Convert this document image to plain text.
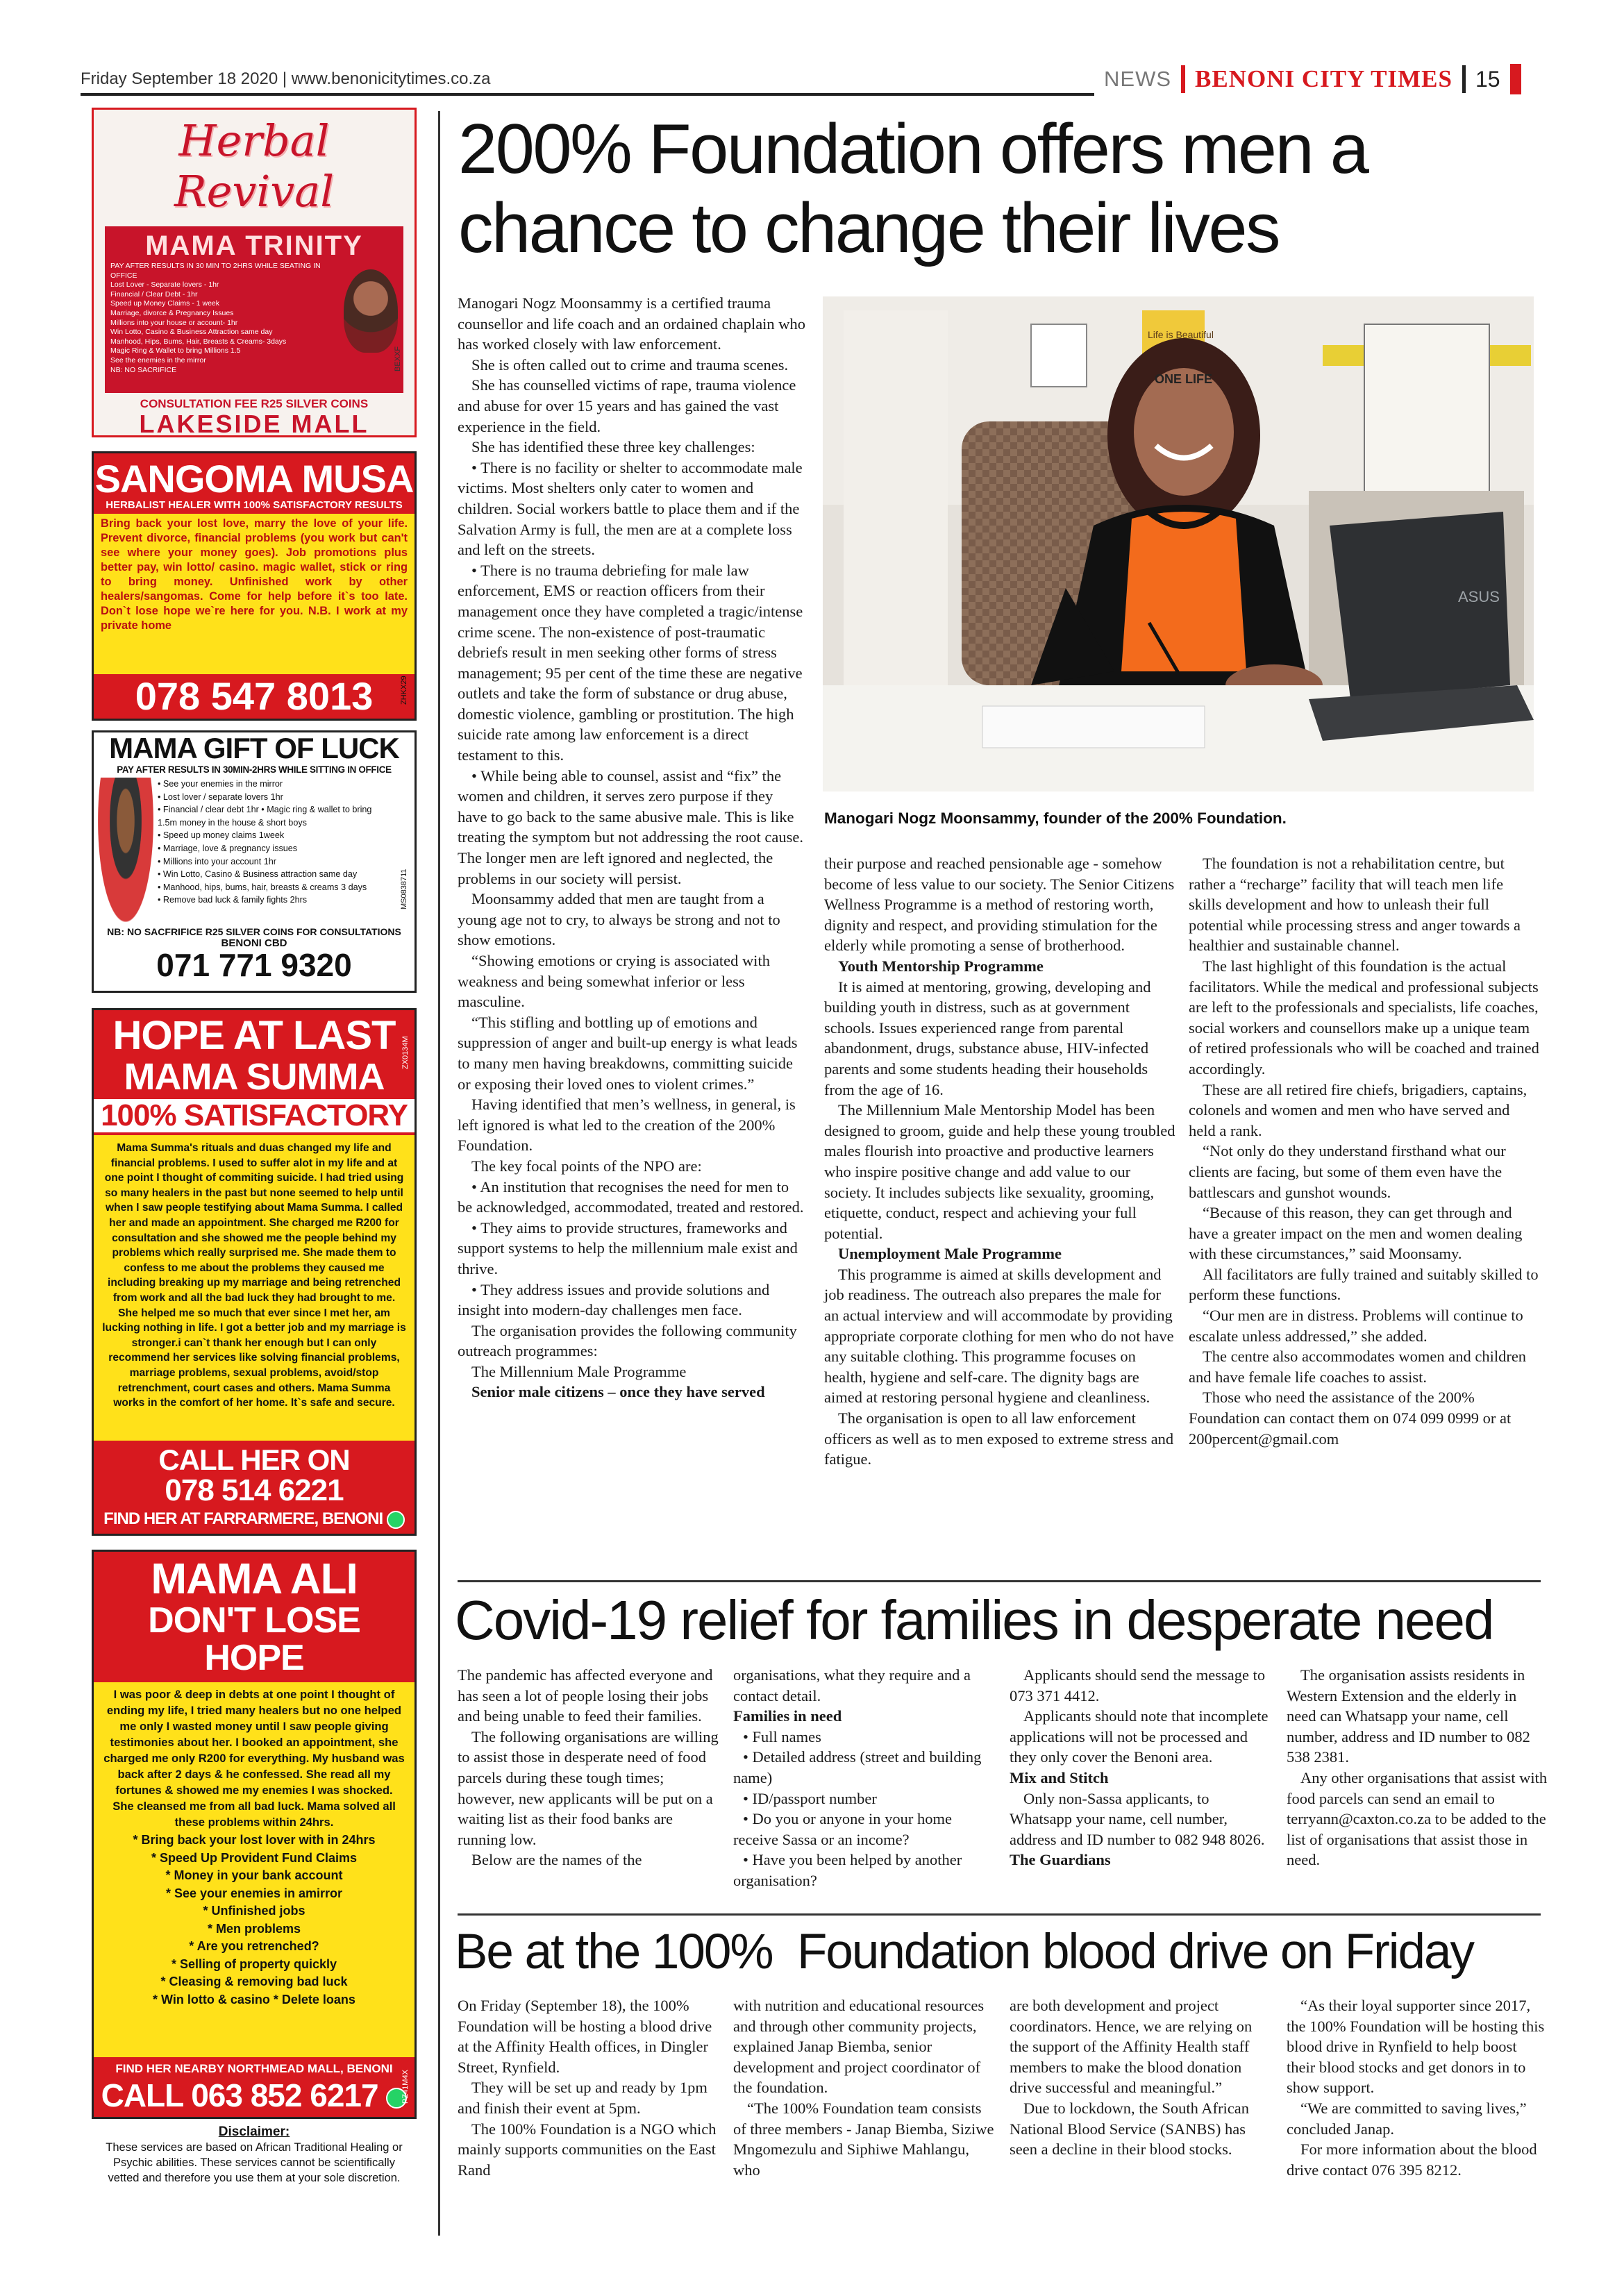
Friday September 18 2020 | www.benonicitytimes.co.za	NEWS BENONI CITY TIMES 15
Herbal Revival
MAMA TRINITY
PAY AFTER RESULTS IN 30 MIN TO 2HRS WHILE SEATING IN OFFICE
Lost Lover - Separate lovers - 1hr
Financial / Clear Debt - 1hr
Speed up Money Claims - 1 week
Marriage, divorce & Pregnancy Issues
Millions into your house or account- 1hr
Win Lotto, Casino & Business Attraction same day
Manhood, Hips, Bums, Hair, Breasts & Creams- 3days
Magic Ring & Wallet to bring Millions 1.5
See the enemies in the mirror
NB: NO SACRIFICE
CONSULTATION FEE R25 SILVER COINS
LAKESIDE MALL
SANGOMA MUSA
HERBALIST HEALER WITH 100% SATISFACTORY RESULTS
Bring back your lost love, marry the love of your life. Prevent divorce, financial problems (you work but can't see where your money goes). Job promotions plus better pay, win lotto/ casino. magic wallet, stick or ring to bring money. Unfinished work by other healers/sangomas. Come for help before it`s too late. Don`t lose hope we`re here for you. N.B. I work at my private home
078 547 8013
MAMA GIFT OF LUCK
PAY AFTER RESULTS IN 30MIN-2HRS WHILE SITTING IN OFFICE
• See your enemies in the mirror
• Lost lover / separate lovers 1hr
• Financial / clear debt 1hr • Magic ring & wallet to bring
1.5m money in the house & short boys
• Speed up money claims 1week
• Marriage, love & pregnancy issues
• Millions into your account 1hr
• Win Lotto, Casino & Business attraction same day
• Manhood, hips, bums, hair, breasts & creams 3 days
• Remove bad luck & family fights 2hrs
NB: NO SACFRIFICE R25 SILVER COINS FOR CONSULTATIONS
BENONI CBD
071 771 9320
HOPE AT LAST
MAMA SUMMA
100% SATISFACTORY
Mama Summa's rituals and duas changed my life and financial problems. I used to suffer alot in my life and at one point I thought of commiting suicide. I had tried using so many healers in the past but none seemed to help until when I saw people testifying about Mama Summa. I called her and made an appointment. She charged me R200 for consultation and she showed me the people behind my problems which really surprised me. She made them to confess to me about the problems they caused me including breaking up my marriage and being retrenched from work and all the bad luck they had brought to me. She helped me so much that ever since I met her, am lucking nothing in life. I got a better job and my marriage is stronger.i can`t thank her enough but I can only recommend her services like solving financial problems, marriage problems, sexual problems, avoid/stop retrenchment, court cases and others. Mama Summa works in the comfort of her home. It`s safe and secure.
CALL HER ON
078 514 6221
FIND HER AT FARRARMERE, BENONI
MAMA ALI
DON'T LOSE HOPE
I was poor & deep in debts at one point I thought of ending my life, I tried many healers but no one helped me only I wasted money until I saw people giving testimonies about her. I booked an appointment, she charged me only R200 for everything. My husband was back after 2 days & he confessed. She read all my fortunes & showed me my enemies I was shocked. She cleansed me from all bad luck. Mama solved all these problems within 24hrs.
* Bring back your lost lover with in 24hrs
* Speed Up Provident Fund Claims
* Money in your bank account
* See your enemies in amirror
* Unfinished jobs
* Men problems
* Are you retrenched?
* Selling of property quickly
* Cleasing & removing bad luck
* Win lotto & casino * Delete loans
FIND HER NEARBY NORTHMEAD MALL, BENONI
CALL 063 852 6217
Disclaimer:
These services are based on African Traditional Healing or Psychic abilities. These services cannot be scientifically vetted and therefore you use them at your sole discretion.
200% Foundation offers men a
chance to change their lives

Manogari Nogz Moonsammy is a certified trauma counsellor and life coach and an ordained chaplain who has worked closely with law enforcement.

She is often called out to crime and trauma scenes.

She has counselled victims of rape, trauma violence and abuse for over 15 years and has gained the vast experience in the field.

She has identified these three key challenges:

• There is no facility or shelter to accommodate male victims. Most shelters only cater to women and children. Social workers battle to place them and if the Salvation Army is full, the men are at a complete loss and left on the streets.

• There is no trauma debriefing for male law enforcement, EMS or reaction officers from their management once they have completed a tragic/intense crime scene. The non-existence of post-traumatic debriefs result in men seeking other forms of stress management; 95 per cent of the time these are negative outlets and take the form of substance or drug abuse, domestic violence, gambling or prostitution. The high suicide rate among law enforcement is a direct testament to this.

• While being able to counsel, assist and “fix” the women and children, it serves zero purpose if they have to go back to the same abusive male. This is like treating the symptom but not addressing the root cause. The longer men are left ignored and neglected, the problems in our society will persist.

Moonsammy added that men are taught from a young age not to cry, to always be strong and not to show emotions.

“Showing emotions or crying is associated with weakness and being somewhat inferior or less masculine.

“This stifling and bottling up of emotions and suppression of anger and built-up energy is what leads to many men having breakdowns, committing suicide or exposing their loved ones to violent crimes.”

Having identified that men’s wellness, in general, is left ignored is what led to the creation of the 200% Foundation.

The key focal points of the NPO are:

• An institution that recognises the need for men to be acknowledged, accommodated, treated and restored.

• They aims to provide structures, frameworks and support systems to help the millennium male exist and thrive.

• They address issues and provide solutions and insight into modern-day challenges men face.

The organisation provides the following community outreach programmes:

The Millennium Male Programme

Senior male citizens – once they have served

ASUS
Life is Beautiful
ONE LIFE
Manogari Nogz Moonsammy, founder of the 200% Foundation.

their purpose and reached pensionable age - somehow become of less value to our society. The Senior Citizens Wellness Programme is a method of restoring worth, dignity and respect, and providing stimulation for the elderly while promoting a sense of brotherhood.

Youth Mentorship Programme

It is aimed at mentoring, growing, developing and building youth in distress, such as at government schools. Issues experienced range from parental abandonment, drugs, substance abuse, HIV-infected parents and some students heading their households from the age of 16.

The Millennium Male Mentorship Model has been designed to groom, guide and help these young troubled males flourish into proactive and productive learners who inspire positive change and add value to our society. It includes subjects like sexuality, grooming, etiquette, conduct, respect and achieving your full potential.

Unemployment Male Programme

This programme is aimed at skills development and job readiness. The outreach also prepares the male for an actual interview and will accommodate by providing appropriate corporate clothing for men who do not have any suitable clothing. This programme focuses on health, hygiene and self-care. The dignity bags are aimed at restoring personal hygiene and cleanliness.

The organisation is open to all law enforcement officers as well as to men exposed to extreme stress and fatigue.

The foundation is not a rehabilitation centre, but rather a “recharge” facility that will teach men life skills development and how to unleash their full potential while processing stress and anger towards a healthier and sustainable channel.

The last highlight of this foundation is the actual facilitators. While the medical and professional subjects are left to the professionals and specialists, life coaches, social workers and counsellors make up a unique team of retired professionals who will be coached and trained accordingly.

These are all retired fire chiefs, brigadiers, captains, colonels and women and men who have served and held a rank.

“Not only do they understand firsthand what our clients are facing, but some of them even have the battlescars and gunshot wounds.

“Because of this reason, they can get through and have a greater impact on the men and women dealing with these circumstances,” said Moonsamy.

All facilitators are fully trained and suitably skilled to perform these functions.

“Our men are in distress. Problems will continue to escalate unless addressed,” she added.

The centre also accommodates women and children and have female life coaches to assist.

Those who need the assistance of the 200% Foundation can contact them on 074 099 0999 or at 200percent@gmail.com

Covid-19 relief for families in desperate need

The pandemic has affected everyone and has seen a lot of people losing their jobs and being unable to feed their families.

The following organisations are willing to assist those in desperate need of food parcels during these tough times; however, new applicants will be put on a waiting list as their food banks are running low.

Below are the names of the

organisations, what they require and a contact detail.

Families in need

• Full names

• Detailed address (street and building name)

• ID/passport number

• Do you or anyone in your home receive Sassa or an income?

• Have you been helped by another organisation?

Applicants should send the message to 073 371 4412.

Applicants should note that incomplete applications will not be processed and they only cover the Benoni area.

Mix and Stitch

Only non-Sassa applicants, to Whatsapp your name, cell number, address and ID number to 082 948 8026.

The Guardians

The organisation assists residents in Western Extension and the elderly in need can Whatsapp your name, cell number, address and ID number to 082 538 2381.

Any other organisations that assist with food parcels can send an email to terryann@caxton.co.za to be added to the list of organisations that assist those in need.

Be at the 100%  Foundation blood drive on Friday

On Friday (September 18), the 100% Foundation will be hosting a blood drive at the Affinity Health offices, in Dingler Street, Rynfield.

They will be set up and ready by 1pm and finish their event at 5pm.

The 100% Foundation is a NGO which mainly supports communities on the East Rand

with nutrition and educational resources and through other community projects, explained Janap Biemba, senior development and project coordinator of the foundation.

“The 100% Foundation team consists of three members - Janap Biemba, Siziwe Mngomezulu and Siphiwe Mahlangu, who

are both development and project coordinators. Hence, we are relying on the support of the Affinity Health staff members to make the blood donation drive successful and meaningful.”

Due to lockdown, the South African National Blood Service (SANBS) has seen a decline in their blood stocks.

“As their loyal supporter since 2017, the 100% Foundation will be hosting this blood drive in Rynfield to help boost their blood stocks and get donors in to show support.

“We are committed to saving lives,” concluded Janap.

For more information about the blood drive contact 076 395 8212.

BEXXF
ZHKX29
MS0838711
ZX0134M
PZ41M4X
